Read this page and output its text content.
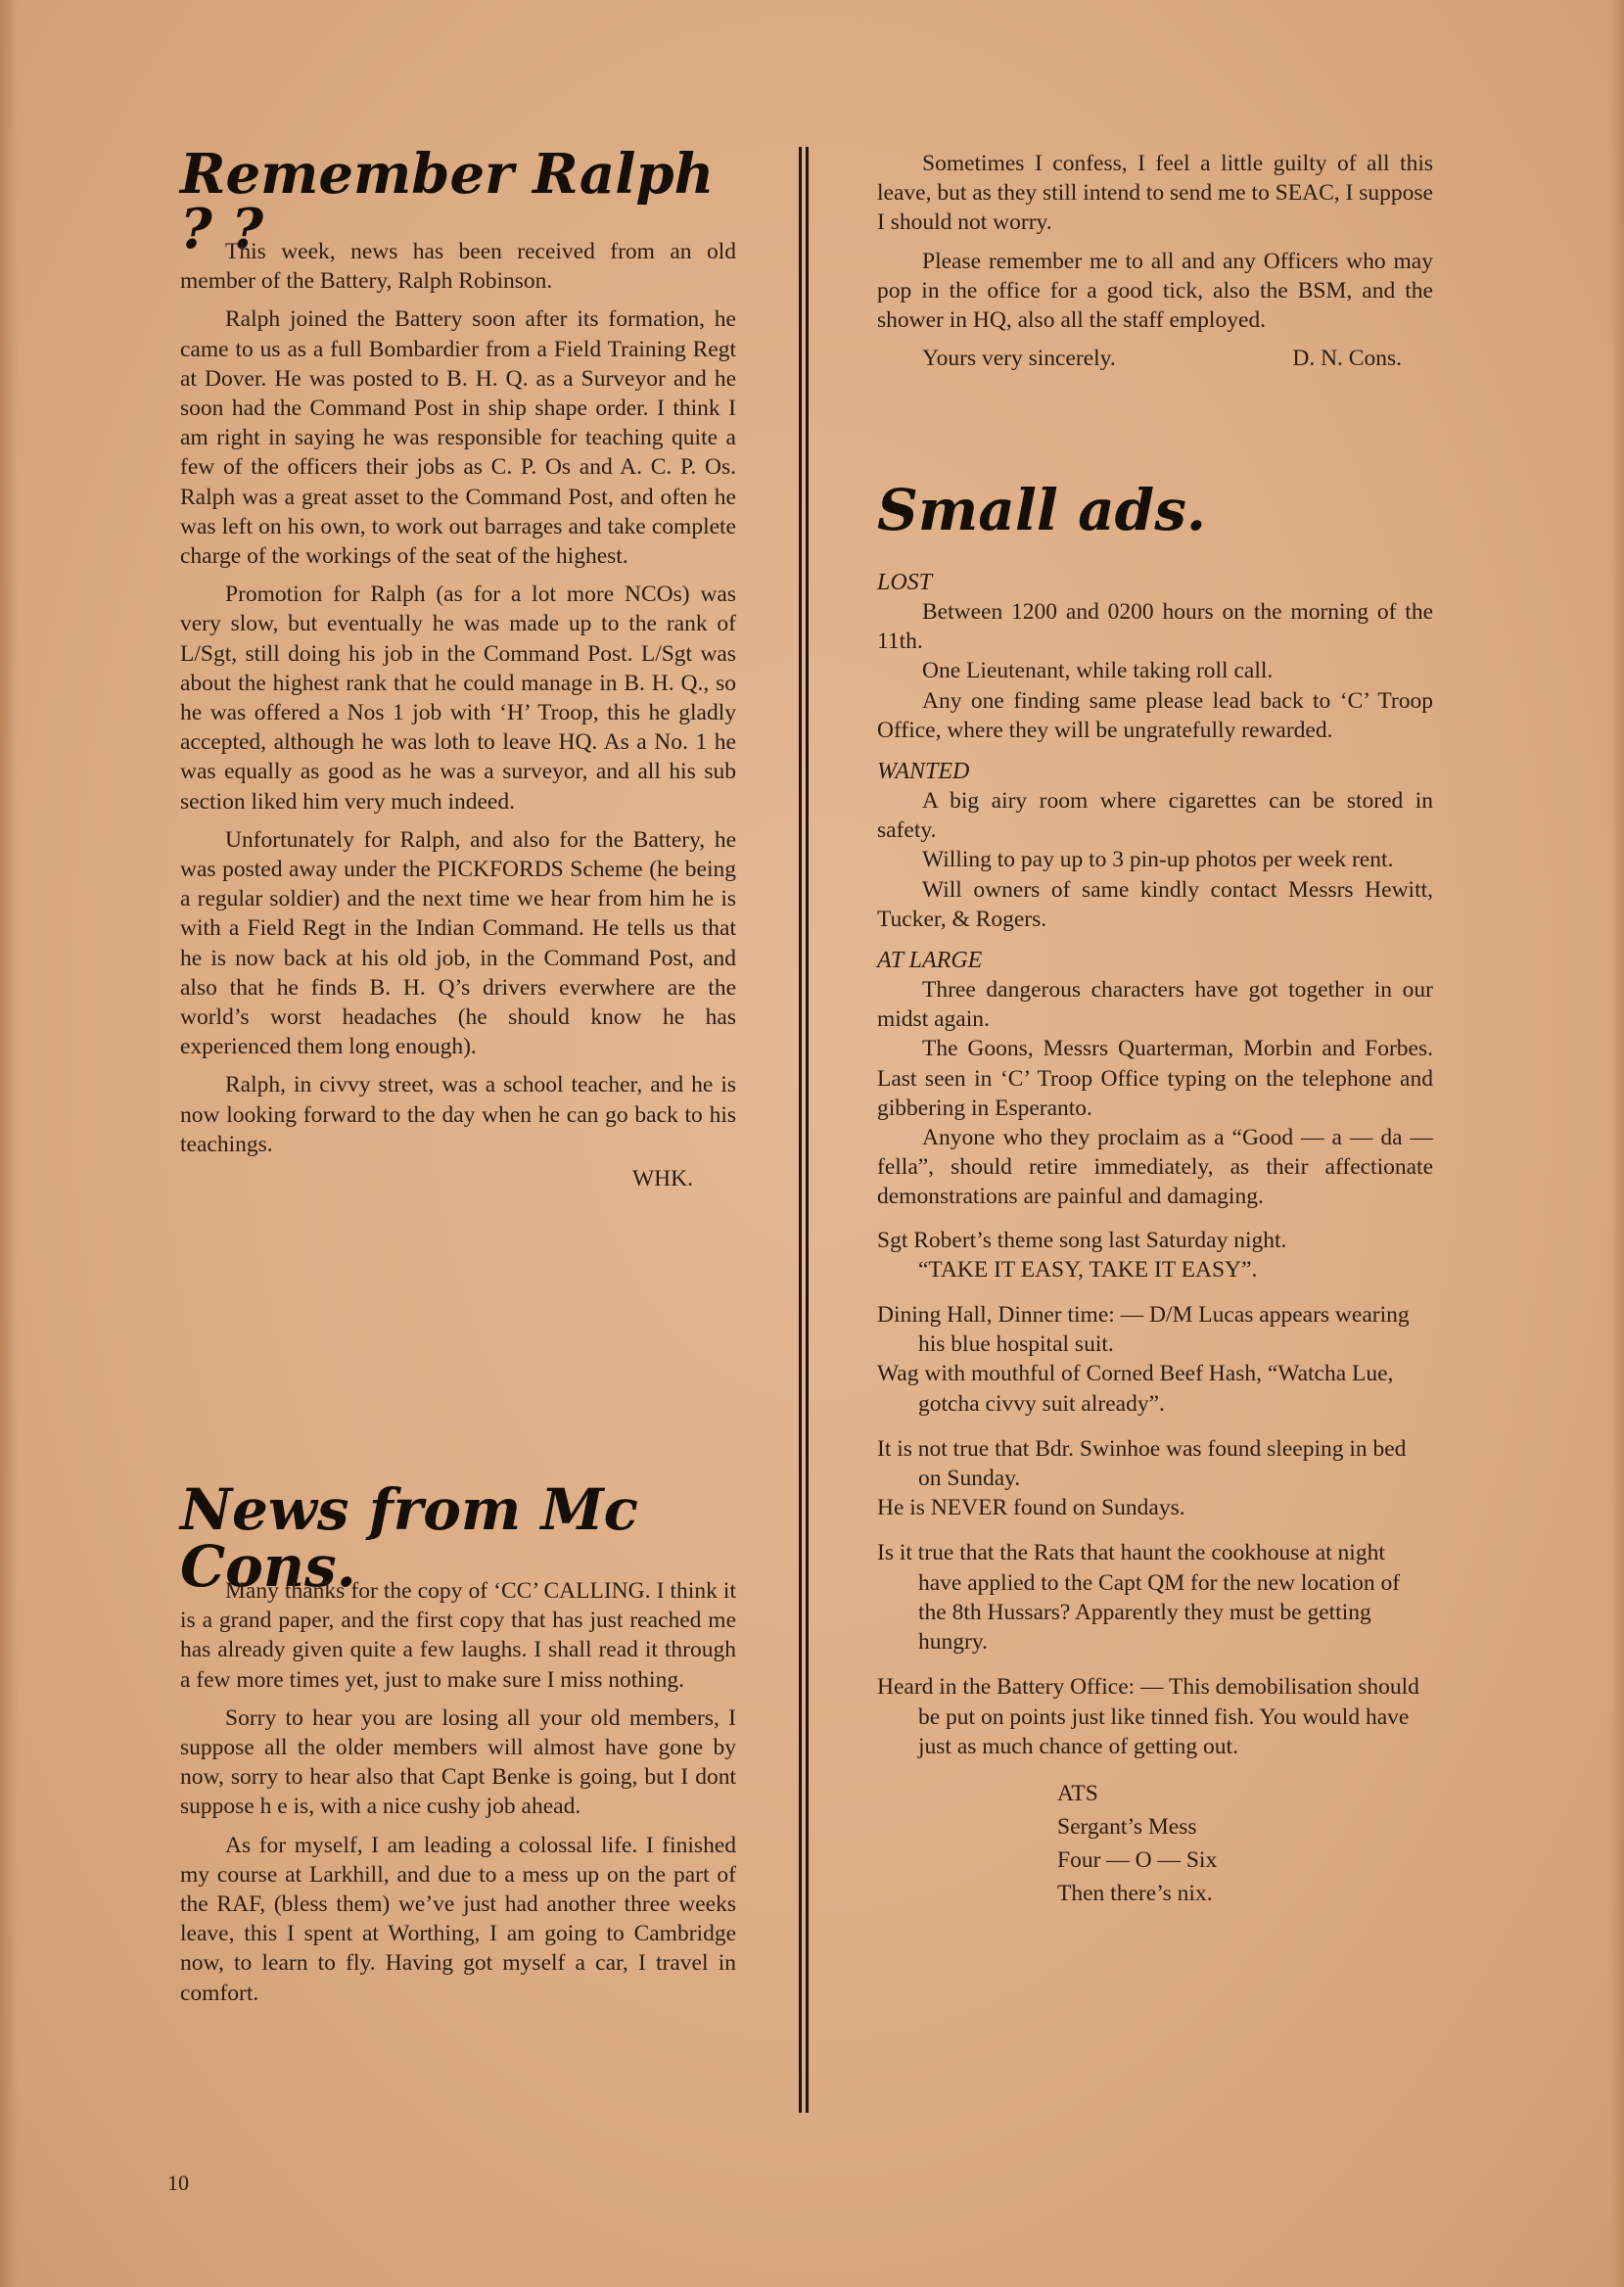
Remember Ralph ? ?

This week, news has been received from an old member of the Battery, Ralph Robinson.

Ralph joined the Battery soon after its formation, he came to us as a full Bombardier from a Field Training Regt at Dover. He was posted to B. H. Q. as a Surveyor and he soon had the Command Post in ship shape order. I think I am right in saying he was responsible for teaching quite a few of the officers their jobs as C. P. Os and A. C. P. Os. Ralph was a great asset to the Command Post, and often he was left on his own, to work out barrages and take complete charge of the workings of the seat of the highest.

Promotion for Ralph (as for a lot more NCOs) was very slow, but eventually he was made up to the rank of L/Sgt, still doing his job in the Command Post. L/Sgt was about the highest rank that he could manage in B. H. Q., so he was offered a Nos 1 job with ‘H’ Troop, this he gladly accepted, although he was loth to leave HQ. As a No. 1 he was equally as good as he was a surveyor, and all his sub section liked him very much indeed.

Unfortunately for Ralph, and also for the Battery, he was posted away under the PICKFORDS Scheme (he being a regular soldier) and the next time we hear from him he is with a Field Regt in the Indian Command. He tells us that he is now back at his old job, in the Command Post, and also that he finds B. H. Q’s drivers everwhere are the world’s worst headaches (he should know he has experienced them long enough).

Ralph, in civvy street, was a school teacher, and he is now looking forward to the day when he can go back to his teachings.

WHK.
News from Mc Cons.

Many thanks for the copy of ‘CC’ CALLING. I think it is a grand paper, and the first copy that has just reached me has already given quite a few laughs. I shall read it through a few more times yet, just to make sure I miss nothing.

Sorry to hear you are losing all your old members, I suppose all the older members will almost have gone by now, sorry to hear also that Capt Benke is going, but I dont suppose h e is, with a nice cushy job ahead.

As for myself, I am leading a colossal life. I finished my course at Larkhill, and due to a mess up on the part of the RAF, (bless them) we’ve just had another three weeks leave, this I spent at Worthing, I am going to Cambridge now, to learn to fly. Having got myself a car, I travel in comfort.

Sometimes I confess, I feel a little guilty of all this leave, but as they still intend to send me to SEAC, I suppose I should not worry.

Please remember me to all and any Officers who may pop in the office for a good tick, also the BSM, and the shower in HQ, also all the staff employed.

Yours very sincerely.	D. N. Cons.
Small ads.
LOST

Between 1200 and 0200 hours on the morning of the 11th.

One Lieutenant, while taking roll call.

Any one finding same please lead back to ‘C’ Troop Office, where they will be ungratefully rewarded.

WANTED

A big airy room where cigarettes can be stored in safety.

Willing to pay up to 3 pin-up photos per week rent.

Will owners of same kindly contact Messrs Hewitt, Tucker, & Rogers.

AT LARGE

Three dangerous characters have got together in our midst again.

The Goons, Messrs Quarterman, Morbin and Forbes. Last seen in ‘C’ Troop Office typing on the telephone and gibbering in Esperanto.

Anyone who they proclaim as a “Good — a — da — fella”, should retire immediately, as their affectionate demonstrations are painful and damaging.

Sgt Robert’s theme song last Saturday night.

“TAKE IT EASY, TAKE IT EASY”.

Dining Hall, Dinner time: — D/M Lucas appears wearing his blue hospital suit.

Wag with mouthful of Corned Beef Hash, “Watcha Lue, gotcha civvy suit already”.

It is not true that Bdr. Swinhoe was found sleeping in bed on Sunday.

He is NEVER found on Sundays.

Is it true that the Rats that haunt the cookhouse at night have applied to the Capt QM for the new location of the 8th Hussars? Apparently they must be getting hungry.

Heard in the Battery Office: — This demobilisation should be put on points just like tinned fish. You would have just as much chance of getting out.

ATS
Sergant’s Mess
Four — O — Six
Then there’s nix.
10
